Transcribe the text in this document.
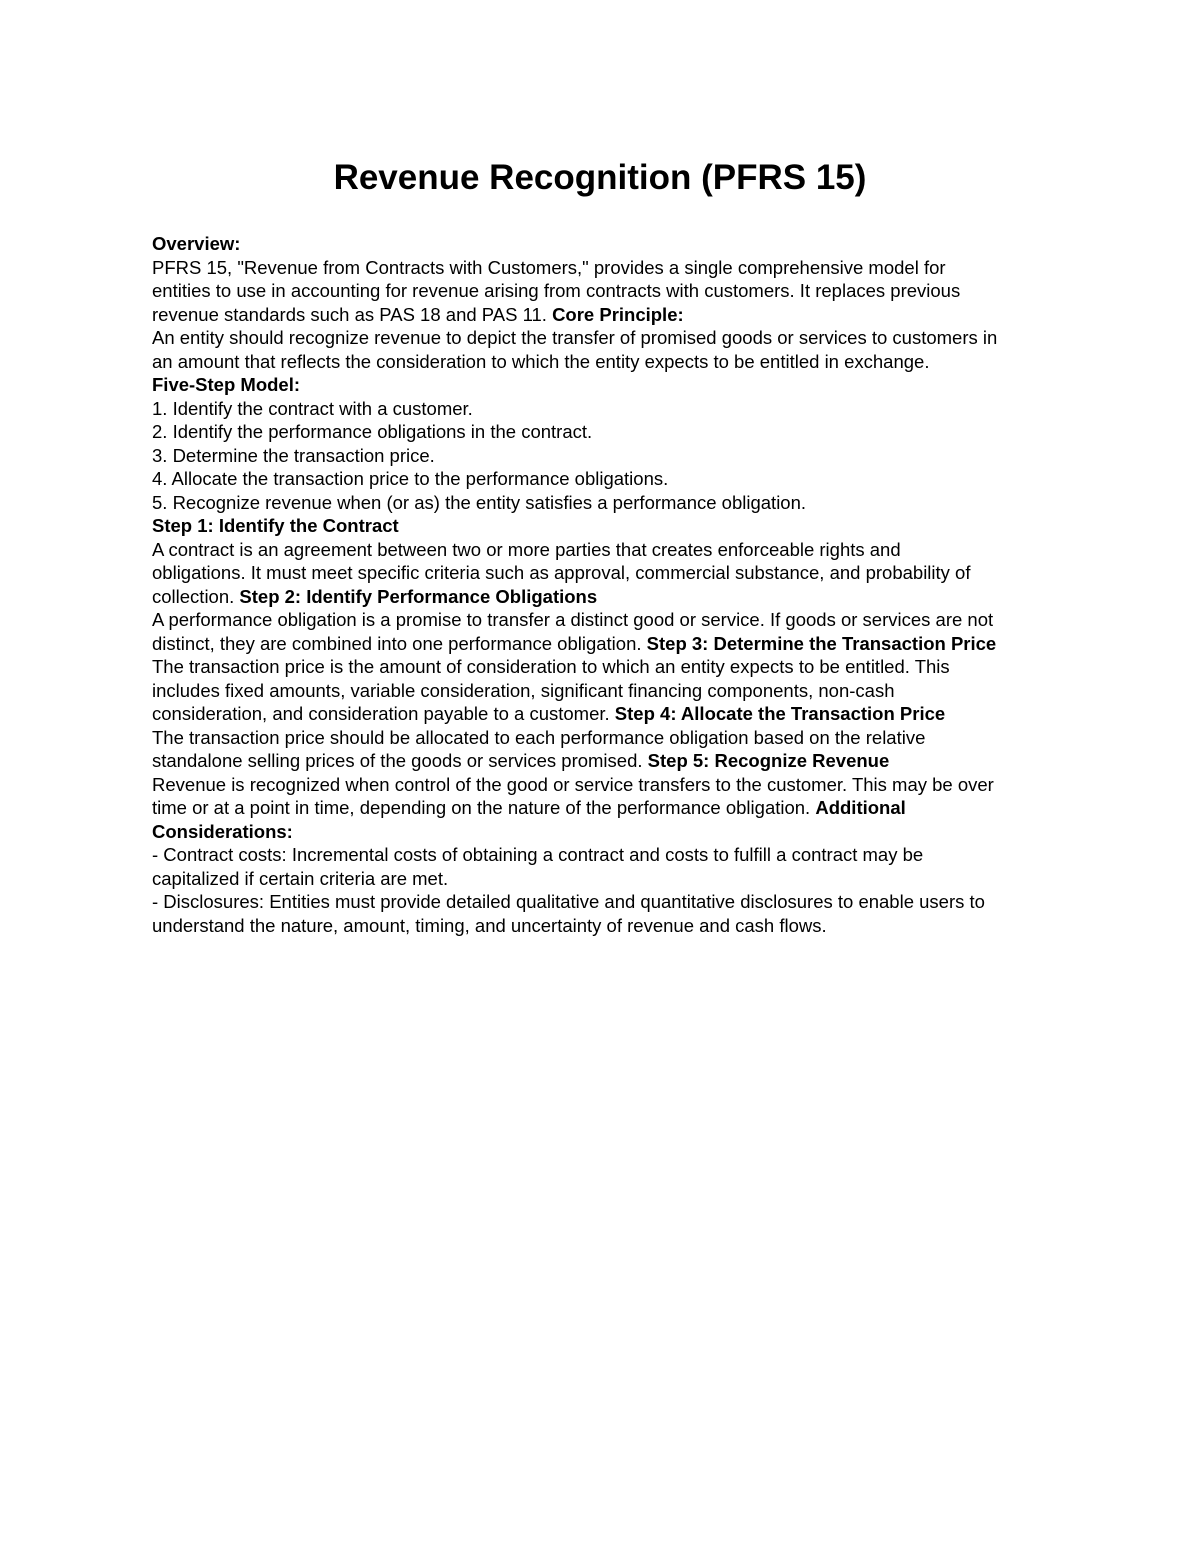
Revenue Recognition (PFRS 15)
Overview:
PFRS 15, "Revenue from Contracts with Customers," provides a single comprehensive model for
entities to use in accounting for revenue arising from contracts with customers. It replaces previous
revenue standards such as PAS 18 and PAS 11. Core Principle:
An entity should recognize revenue to depict the transfer of promised goods or services to customers in
an amount that reflects the consideration to which the entity expects to be entitled in exchange.
Five-Step Model:
1. Identify the contract with a customer.
2. Identify the performance obligations in the contract.
3. Determine the transaction price.
4. Allocate the transaction price to the performance obligations.
5. Recognize revenue when (or as) the entity satisfies a performance obligation.
Step 1: Identify the Contract
A contract is an agreement between two or more parties that creates enforceable rights and
obligations. It must meet specific criteria such as approval, commercial substance, and probability of
collection. Step 2: Identify Performance Obligations
A performance obligation is a promise to transfer a distinct good or service. If goods or services are not
distinct, they are combined into one performance obligation. Step 3: Determine the Transaction Price
The transaction price is the amount of consideration to which an entity expects to be entitled. This
includes fixed amounts, variable consideration, significant financing components, non-cash
consideration, and consideration payable to a customer. Step 4: Allocate the Transaction Price
The transaction price should be allocated to each performance obligation based on the relative
standalone selling prices of the goods or services promised. Step 5: Recognize Revenue
Revenue is recognized when control of the good or service transfers to the customer. This may be over
time or at a point in time, depending on the nature of the performance obligation. Additional
Considerations:
- Contract costs: Incremental costs of obtaining a contract and costs to fulfill a contract may be
capitalized if certain criteria are met.
- Disclosures: Entities must provide detailed qualitative and quantitative disclosures to enable users to
understand the nature, amount, timing, and uncertainty of revenue and cash flows.
